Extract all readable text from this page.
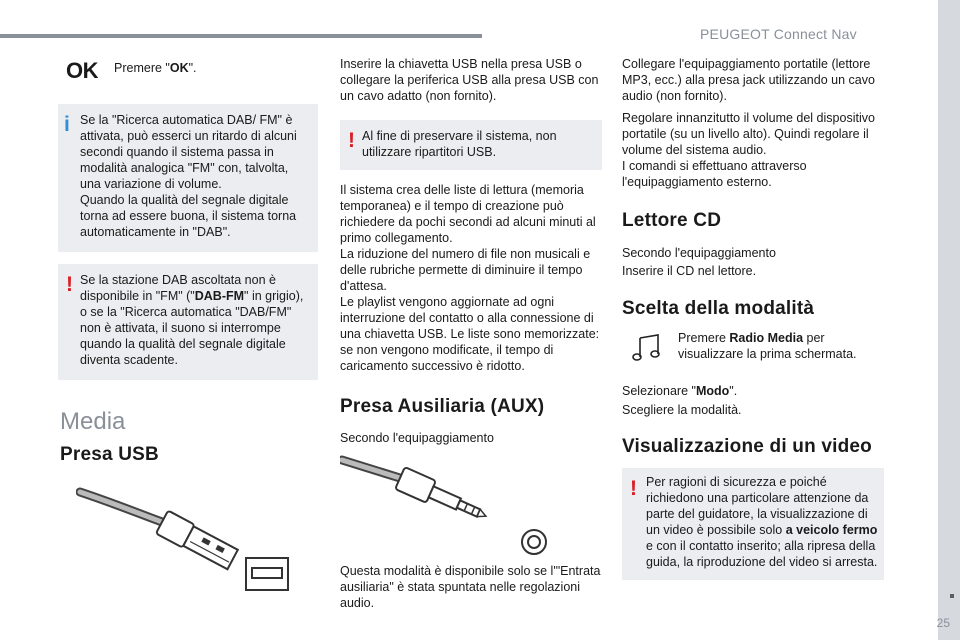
PEUGEOT Connect Nav
25
OK Premere "OK".
i Se la "Ricerca automatica DAB/ FM" è attivata, può esserci un ritardo di alcuni secondi quando il sistema passa in modalità analogica "FM" con, talvolta, una variazione di volume.
Quando la qualità del segnale digitale torna ad essere buona, il sistema torna automaticamente in "DAB".
! Se la stazione DAB ascoltata non è disponibile in "FM" ("DAB-FM" in grigio), o se la "Ricerca automatica "DAB/FM" non è attivata, il suono si interrompe quando la qualità del segnale digitale diventa scadente.
Media
Presa USB
Inserire la chiavetta USB nella presa USB o collegare la periferica USB alla presa USB con un cavo adatto (non fornito).
! Al fine di preservare il sistema, non utilizzare ripartitori USB.
Il sistema crea delle liste di lettura (memoria temporanea) e il tempo di creazione può richiedere da pochi secondi ad alcuni minuti al primo collegamento.
La riduzione del numero di file non musicali e delle rubriche permette di diminuire il tempo d'attesa.
Le playlist vengono aggiornate ad ogni interruzione del contatto o alla connessione di una chiavetta USB. Le liste sono memorizzate: se non vengono modificate, il tempo di caricamento successivo è ridotto.
Presa Ausiliaria (AUX)
Secondo l'equipaggiamento
Questa modalità è disponibile solo se l'"Entrata ausiliaria" è stata spuntata nelle regolazioni audio.
Collegare l'equipaggiamento portatile (lettore MP3, ecc.) alla presa jack utilizzando un cavo audio (non fornito).
Regolare innanzitutto il volume del dispositivo portatile (su un livello alto). Quindi regolare il volume del sistema audio.
I comandi si effettuano attraverso l'equipaggiamento esterno.
Lettore CD
Secondo l'equipaggiamento
Inserire il CD nel lettore.
Scelta della modalità
Premere Radio Media per visualizzare la prima schermata.
Selezionare "Modo".
Scegliere la modalità.
Visualizzazione di un video
! Per ragioni di sicurezza e poiché richiedono una particolare attenzione da parte del guidatore, la visualizzazione di un video è possibile solo a veicolo fermo e con il contatto inserito; alla ripresa della guida, la riproduzione del video si arresta.
